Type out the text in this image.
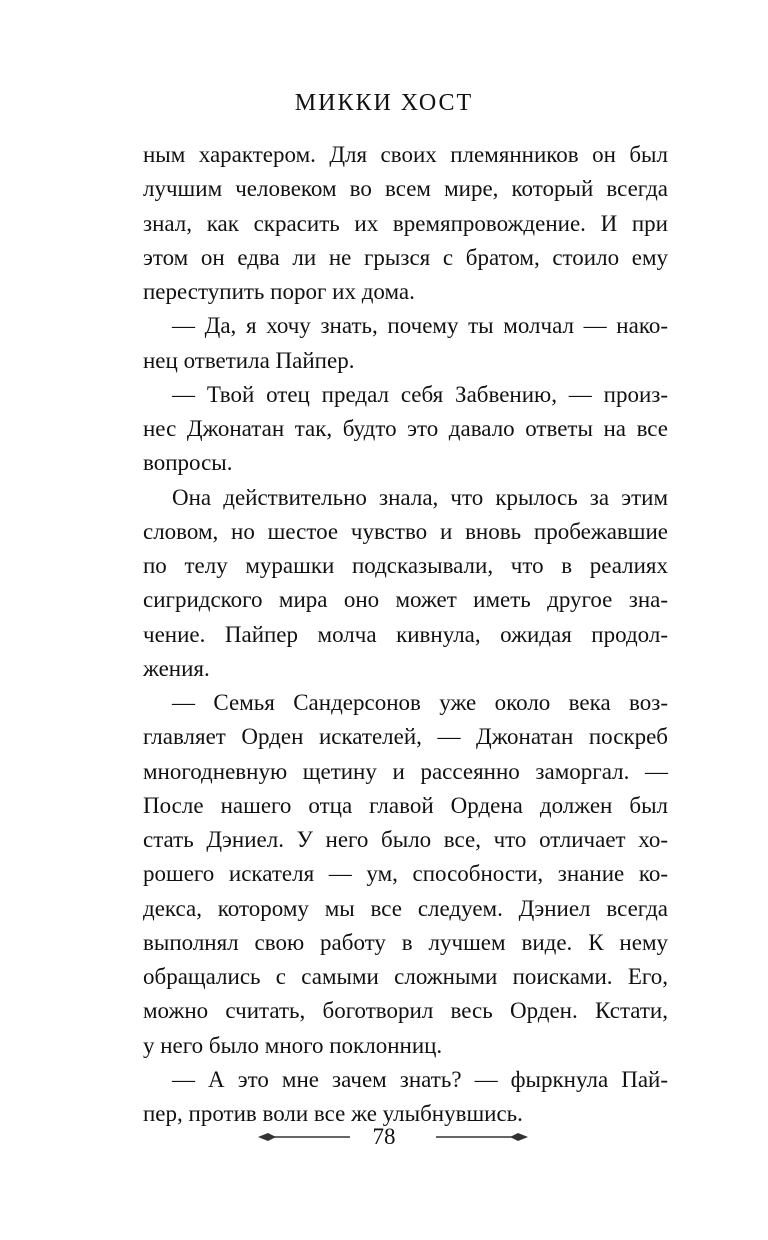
МИККИ ХОСТ
ным характером. Для своих племянников он был
лучшим человеком во всем мире, который всегда
знал, как скрасить их времяпровождение. И при
этом он едва ли не грызся с братом, стоило ему
переступить порог их дома.
— Да, я хочу знать, почему ты молчал — нако-
нец ответила Пайпер.
— Твой отец предал себя Забвению, — произ-
нес Джонатан так, будто это давало ответы на все
вопросы.
Она действительно знала, что крылось за этим
словом, но шестое чувство и вновь пробежавшие
по телу мурашки подсказывали, что в реалиях
сигридского мира оно может иметь другое зна-
чение. Пайпер молча кивнула, ожидая продол-
жения.
— Семья Сандерсонов уже около века воз-
главляет Орден искателей, — Джонатан поскреб
многодневную щетину и рассеянно заморгал. —
После нашего отца главой Ордена должен был
стать Дэниел. У него было все, что отличает хо-
рошего искателя — ум, способности, знание ко-
декса, которому мы все следуем. Дэниел всегда
выполнял свою работу в лучшем виде. К нему
обращались с самыми сложными поисками. Его,
можно считать, боготворил весь Орден. Кстати,
у него было много поклонниц.
— А это мне зачем знать? — фыркнула Пай-
пер, против воли все же улыбнувшись.
78
